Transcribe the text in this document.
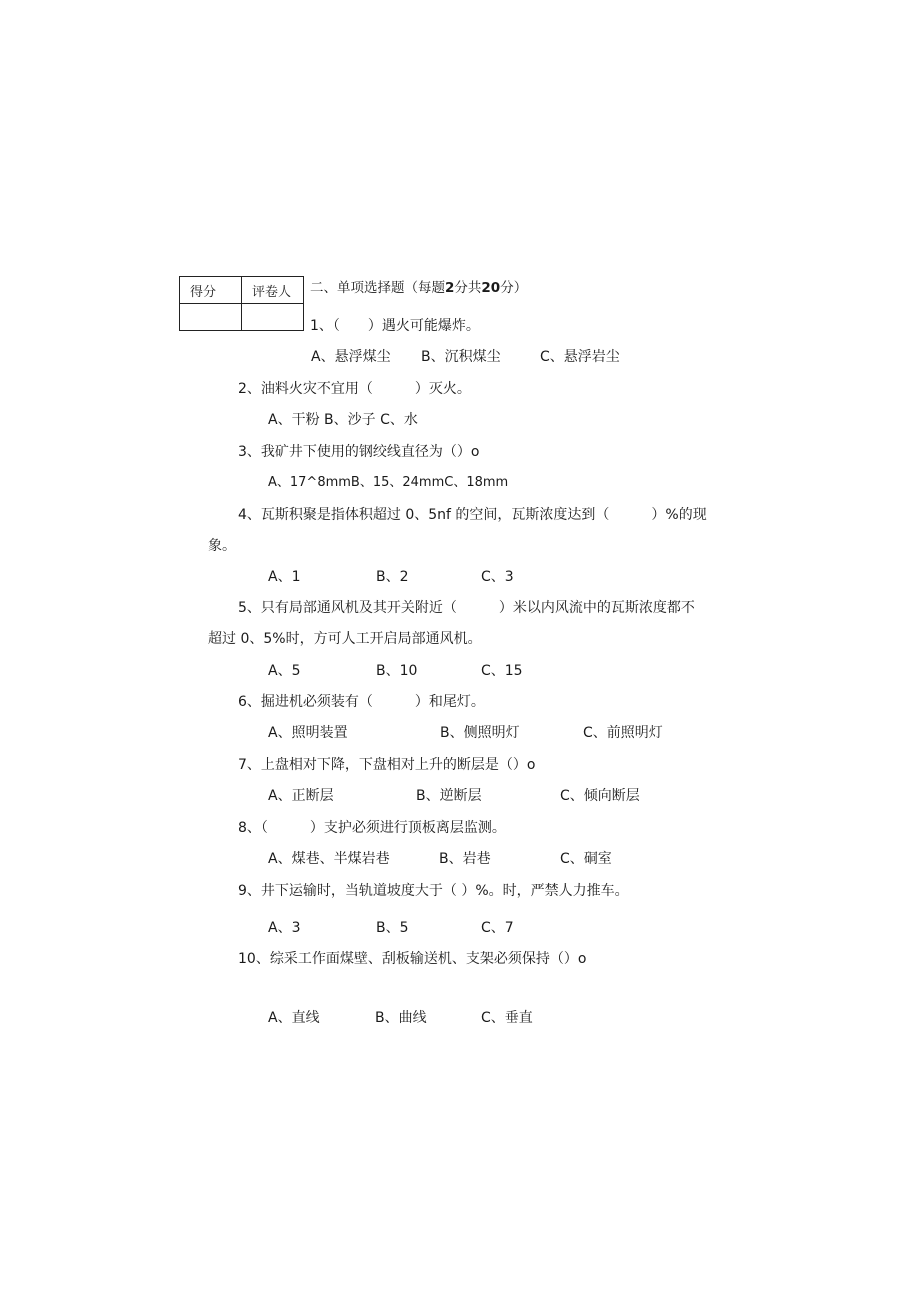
得分	评卷人
	二、单项选择题（每题2分共20分）
1、（　　）遇火可能爆炸。
A、悬浮煤尘 B、沉积煤尘	C、悬浮岩尘
2、油料火灾不宜用（　　　）灭火。
A、干粉 B、沙子 C、水
3、我矿井下使用的钢绞线直径为（）o
A、17^8mmB、15、24mmC、18mm
4、瓦斯积聚是指体积超过 0、5nf 的空间，瓦斯浓度达到（　　　）%的现
象。
A、1	B、2	C、3
5、只有局部通风机及其开关附近（　　　）米以内风流中的瓦斯浓度都不
超过 0、5%时，方可人工开启局部通风机。
A、5	B、10	C、15
6、掘进机必须装有（　　　）和尾灯。
A、照明装置	B、侧照明灯	C、前照明灯
7、上盘相对下降，下盘相对上升的断层是（）o
A、正断层	B、逆断层	C、倾向断层
8、（　　　）支护必须进行顶板离层监测。
A、煤巷、半煤岩巷	B、岩巷	C、硐室
9、井下运输时，当轨道坡度大于（ ）%。时，严禁人力推车。
A、3	B、5	C、7
10、综采工作面煤壁、刮板输送机、支架必须保持（）o
A、直线	B、曲线	C、垂直
